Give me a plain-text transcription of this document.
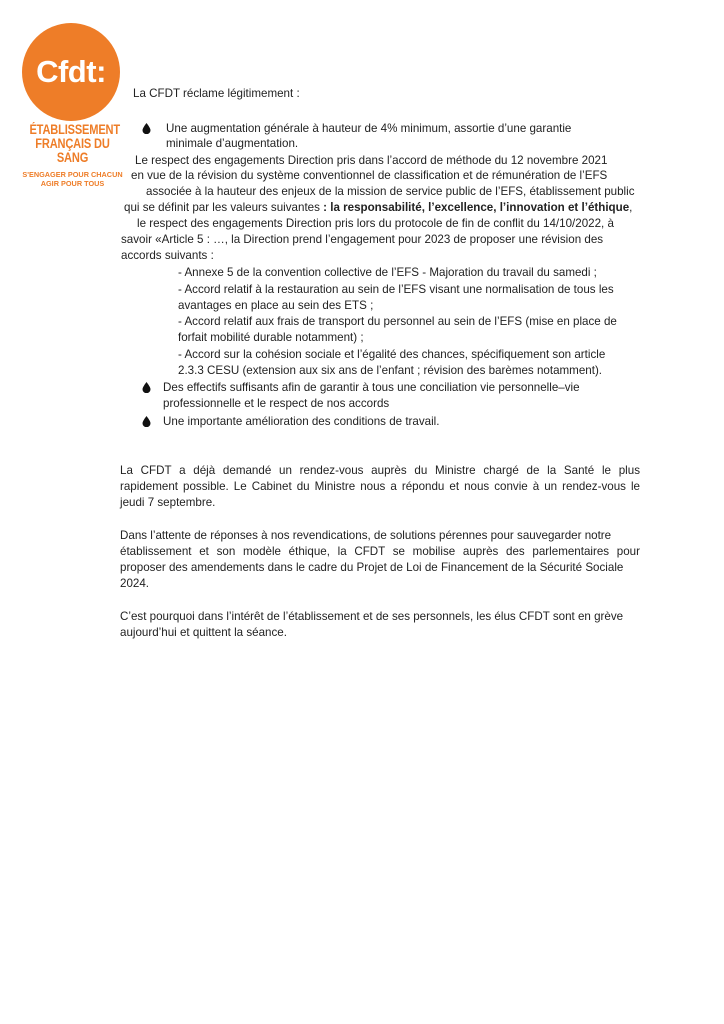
Cfdt:
ÉTABLISSEMENT
FRANÇAIS DU SANG
S'ENGAGER POUR CHACUN
AGIR POUR TOUS
La CFDT réclame légitimement :
Une augmentation générale à hauteur de 4% minimum, assortie d’une garantie
minimale d’augmentation.
Le respect des engagements Direction pris dans l’accord de méthode du 12 novembre 2021
en vue de la révision du système conventionnel de classification et de rémunération de l’EFS
associée à la hauteur des enjeux de la mission de service public de l’EFS, établissement public
qui se définit par les valeurs suivantes : la responsabilité, l’excellence, l’innovation et l’éthique,
le respect des engagements Direction pris lors du protocole de fin de conflit du 14/10/2022, à
savoir «Article 5 : …, la Direction prend l’engagement pour 2023 de proposer une révision des
accords suivants :
- Annexe 5 de la convention collective de l’EFS - Majoration du travail du samedi ;
- Accord relatif à la restauration au sein de l’EFS visant une normalisation de tous les
avantages en place au sein des ETS ;
- Accord relatif aux frais de transport du personnel au sein de l’EFS (mise en place de
forfait mobilité durable notamment) ;
- Accord sur la cohésion sociale et l’égalité des chances, spécifiquement son article
2.3.3 CESU (extension aux six ans de l’enfant ; révision des barèmes notamment).
Des effectifs suffisants afin de garantir à tous une conciliation vie personnelle–vie
professionnelle et le respect de nos accords
Une importante amélioration des conditions de travail.
La CFDT a déjà demandé un rendez-vous auprès du Ministre chargé de la Santé le plus
rapidement possible. Le Cabinet du Ministre nous a répondu et nous convie à un rendez-vous le
jeudi 7 septembre.
Dans l’attente de réponses à nos revendications, de solutions pérennes pour sauvegarder notre
établissement et son modèle éthique, la CFDT se mobilise auprès des parlementaires pour
proposer des amendements dans le cadre du Projet de Loi de Financement de la Sécurité Sociale
2024.
C’est pourquoi dans l’intérêt de l’établissement et de ses personnels, les élus CFDT sont en grève
aujourd’hui et quittent la séance.
